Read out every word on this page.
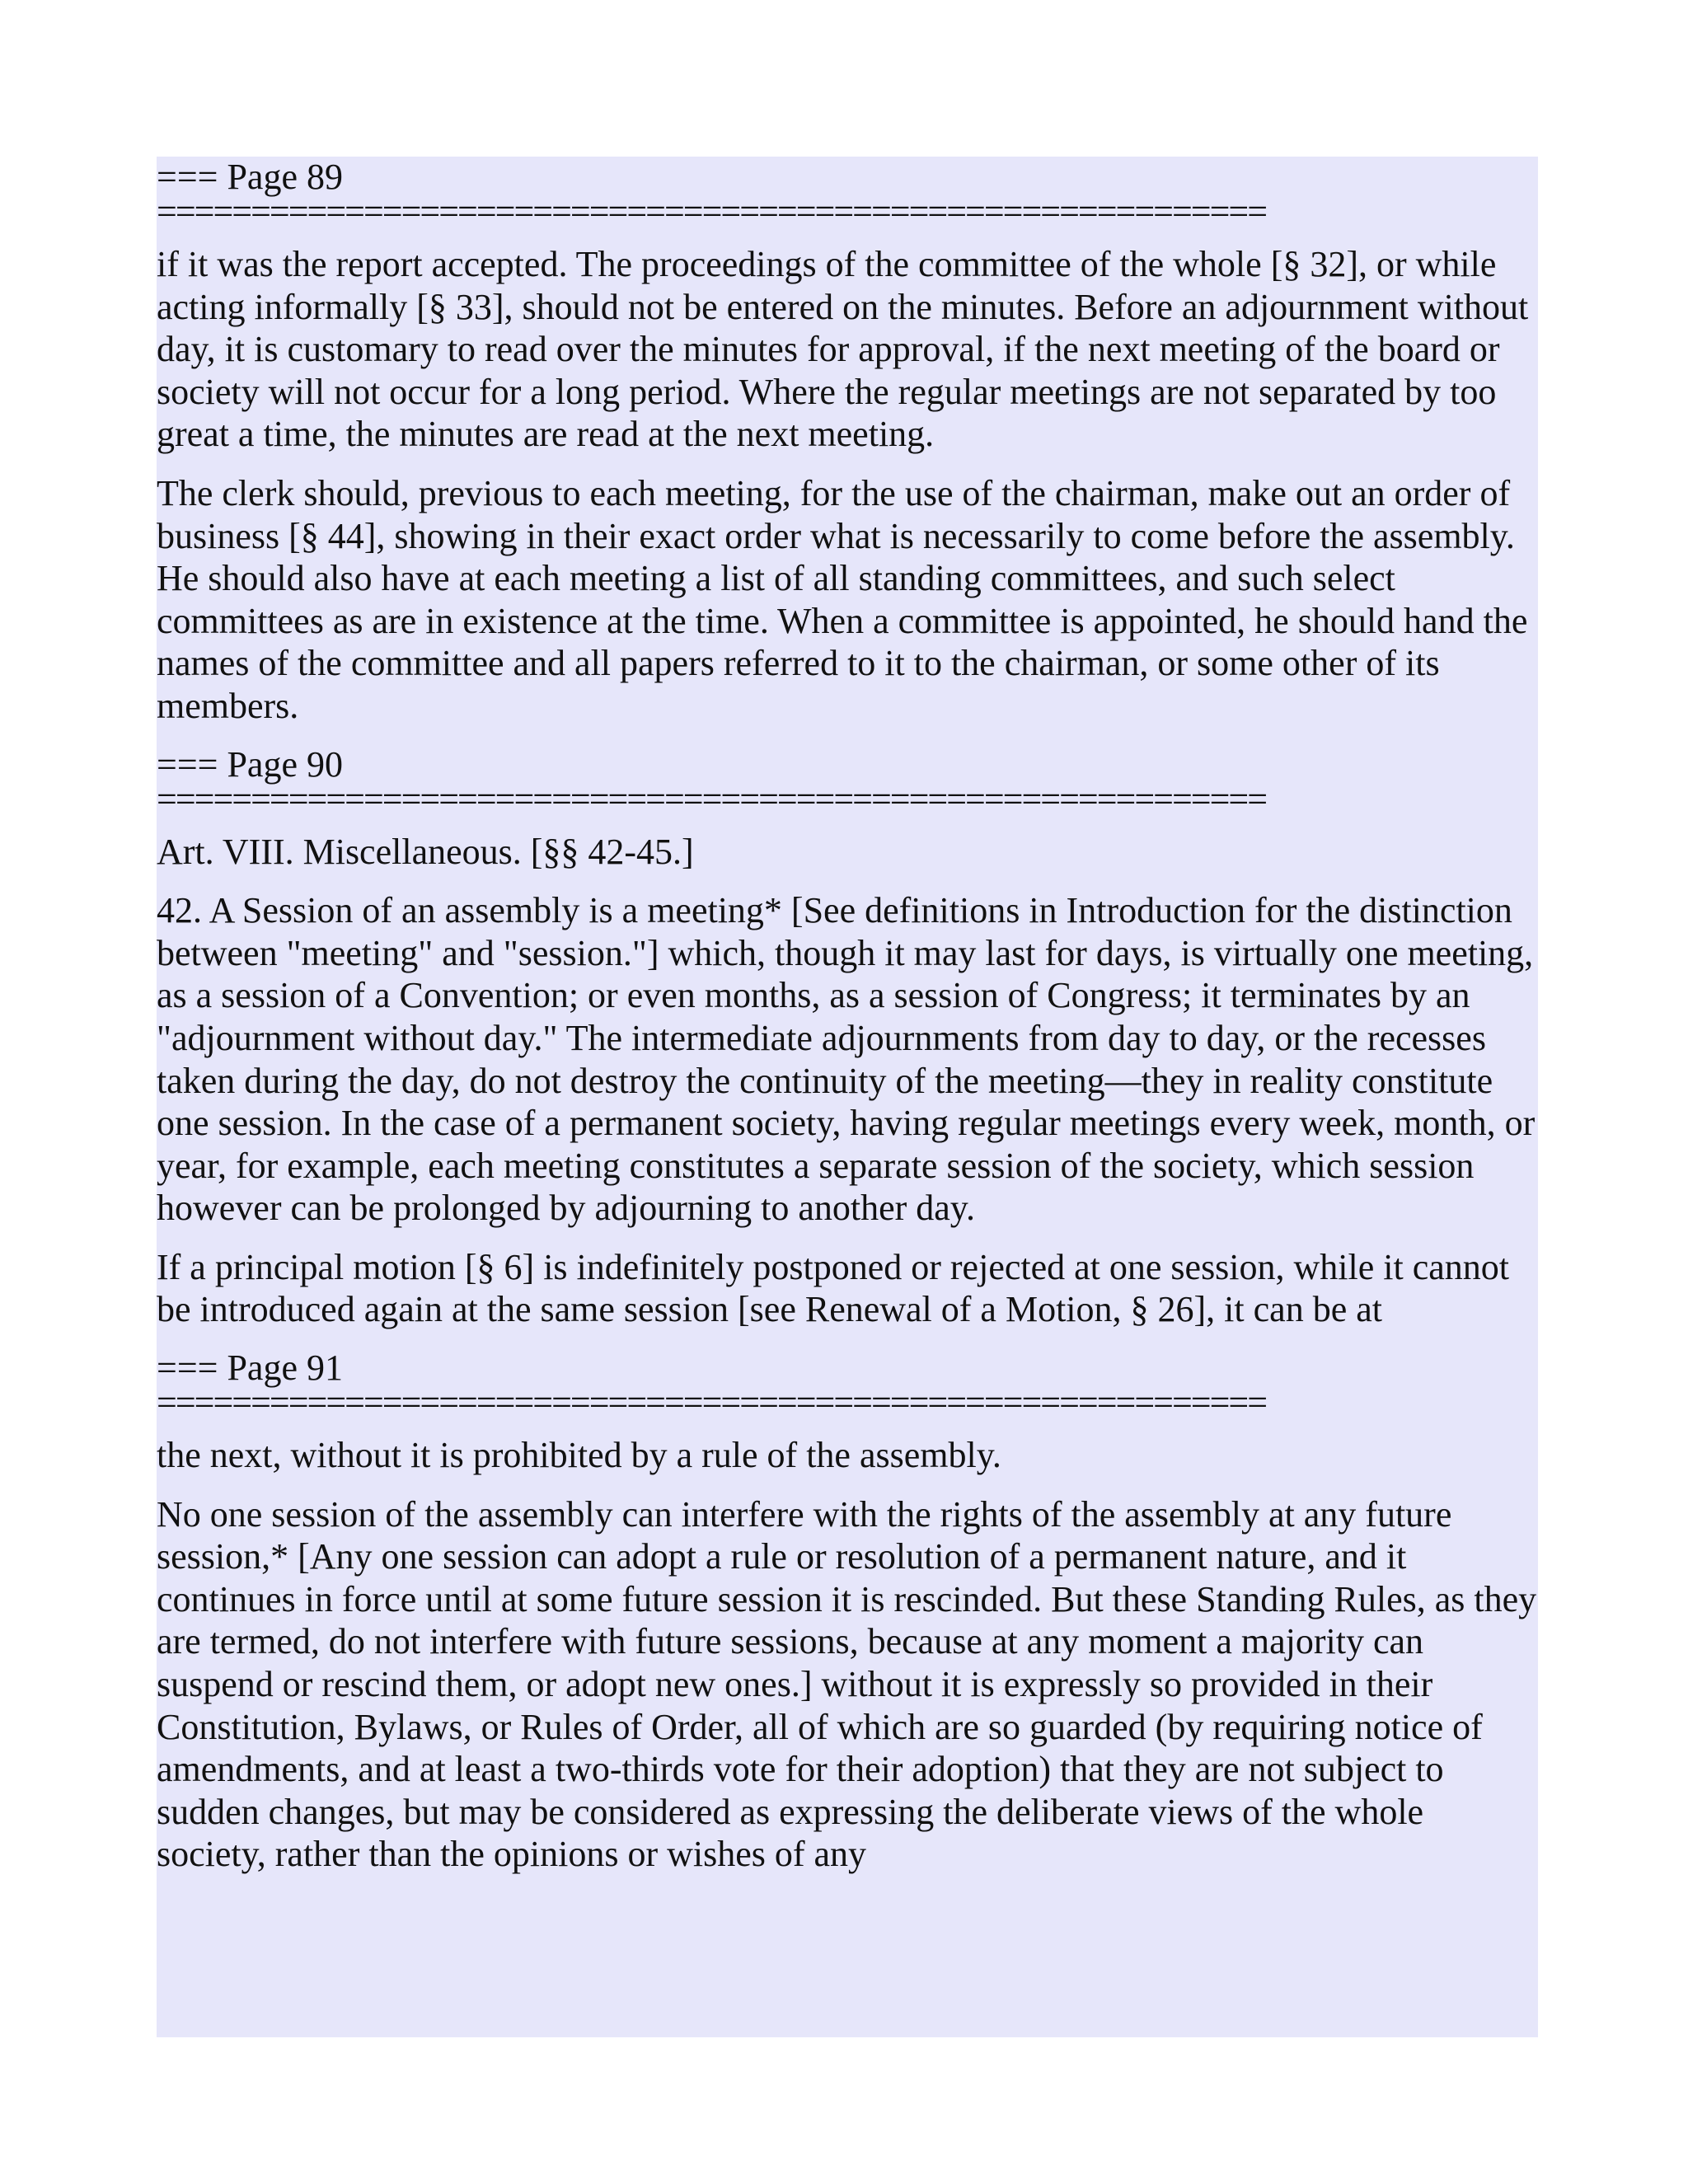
=== Page 89
===========================================================

if it was the report accepted. The proceedings of the committee of the whole [§ 32], or while acting informally [§ 33], should not be entered on the minutes. Before an adjournment without day, it is customary to read over the minutes for approval, if the next meeting of the board or society will not occur for a long period. Where the regular meetings are not separated by too great a time, the minutes are read at the next meeting.

The clerk should, previous to each meeting, for the use of the chairman, make out an order of business [§ 44], showing in their exact order what is necessarily to come before the assembly. He should also have at each meeting a list of all standing committees, and such select committees as are in existence at the time. When a committee is appointed, he should hand the names of the committee and all papers referred to it to the chairman, or some other of its members.

=== Page 90
===========================================================

Art. VIII. Miscellaneous. [§§ 42-45.]

42. A Session of an assembly is a meeting* [See definitions in Introduction for the distinction between "meeting" and "session."] which, though it may last for days, is virtually one meeting, as a session of a Convention; or even months, as a session of Congress; it terminates by an "adjournment without day." The intermediate adjournments from day to day, or the recesses taken during the day, do not destroy the continuity of the meeting—they in reality constitute one session. In the case of a permanent society, having regular meetings every week, month, or year, for example, each meeting constitutes a separate session of the society, which session however can be prolonged by adjourning to another day.

If a principal motion [§ 6] is indefinitely postponed or rejected at one session, while it cannot be introduced again at the same session [see Renewal of a Motion, § 26], it can be at

=== Page 91
===========================================================

the next, without it is prohibited by a rule of the assembly.

No one session of the assembly can interfere with the rights of the assembly at any future session,* [Any one session can adopt a rule or resolution of a permanent nature, and it continues in force until at some future session it is rescinded. But these Standing Rules, as they are termed, do not interfere with future sessions, because at any moment a majority can suspend or rescind them, or adopt new ones.] without it is expressly so provided in their Constitution, Bylaws, or Rules of Order, all of which are so guarded (by requiring notice of amendments, and at least a two-thirds vote for their adoption) that they are not subject to sudden changes, but may be considered as expressing the deliberate views of the whole society, rather than the opinions or wishes of any
